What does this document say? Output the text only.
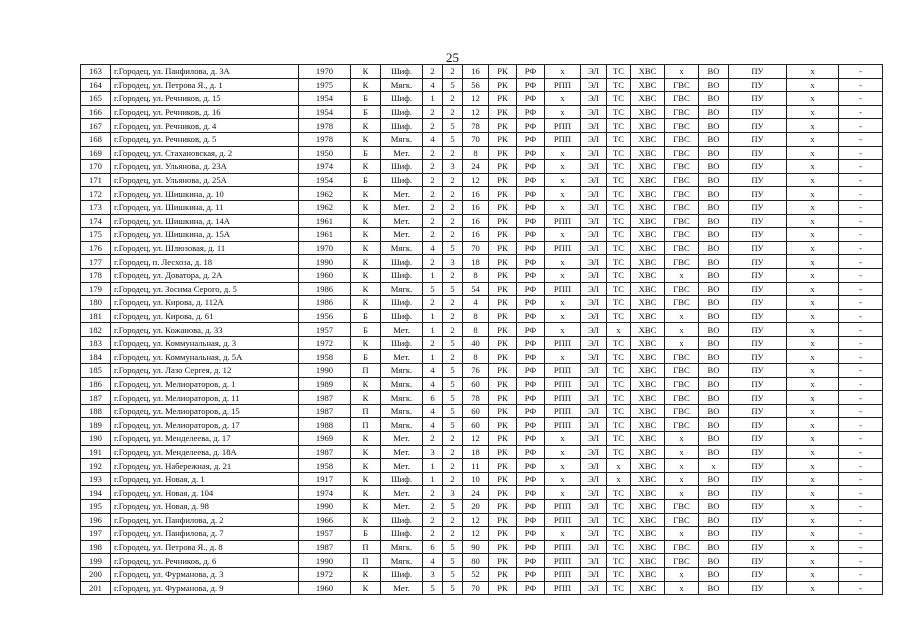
25
163	г.Городец, ул. Панфилова, д. 3А	1970	К	Шиф.	2	2	16	РК	РФ	х	ЭЛ	ТС	ХВС	х	ВО	ПУ	х	-
164	г.Городец, ул. Петрова Я., д. 1	1975	К	Мягк.	4	5	56	РК	РФ	РПП	ЭЛ	ТС	ХВС	ГВС	ВО	ПУ	х	-
165	г.Городец, ул. Речников, д. 15	1954	Б	Шиф.	1	2	12	РК	РФ	х	ЭЛ	ТС	ХВС	ГВС	ВО	ПУ	х	-
166	г.Городец, ул. Речников, д. 16	1954	Б	Шиф.	2	2	12	РК	РФ	х	ЭЛ	ТС	ХВС	ГВС	ВО	ПУ	х	-
167	г.Городец, ул. Речников, д. 4	1978	К	Шиф.	2	5	78	РК	РФ	РПП	ЭЛ	ТС	ХВС	ГВС	ВО	ПУ	х	-
168	г.Городец, ул. Речников, д. 5	1978	К	Мягк.	4	5	70	РК	РФ	РПП	ЭЛ	ТС	ХВС	ГВС	ВО	ПУ	х	-
169	г.Городец, ул. Стахановская, д. 2	1950	Б	Мет.	2	2	8	РК	РФ	х	ЭЛ	ТС	ХВС	ГВС	ВО	ПУ	х	-
170	г.Городец, ул. Ульянова, д. 23А	1974	К	Шиф.	2	3	24	РК	РФ	х	ЭЛ	ТС	ХВС	ГВС	ВО	ПУ	х	-
171	г.Городец, ул. Ульянова, д. 25А	1954	Б	Шиф.	2	2	12	РК	РФ	х	ЭЛ	ТС	ХВС	ГВС	ВО	ПУ	х	-
172	г.Городец, ул. Шишкина, д. 10	1962	К	Мет.	2	2	16	РК	РФ	х	ЭЛ	ТС	ХВС	ГВС	ВО	ПУ	х	-
173	г.Городец, ул. Шишкина, д. 11	1962	К	Мет.	2	2	16	РК	РФ	х	ЭЛ	ТС	ХВС	ГВС	ВО	ПУ	х	-
174	г.Городец, ул. Шишкина, д. 14А	1961	К	Мет.	2	2	16	РК	РФ	РПП	ЭЛ	ТС	ХВС	ГВС	ВО	ПУ	х	-
175	г.Городец, ул. Шишкина, д. 15А	1961	К	Мет.	2	2	16	РК	РФ	х	ЭЛ	ТС	ХВС	ГВС	ВО	ПУ	х	-
176	г.Городец, ул. Шлюзовая, д. 11	1970	К	Мягк.	4	5	70	РК	РФ	РПП	ЭЛ	ТС	ХВС	ГВС	ВО	ПУ	х	-
177	г.Городец, п. Лесхоза, д. 18	1990	К	Шиф.	2	3	18	РК	РФ	х	ЭЛ	ТС	ХВС	ГВС	ВО	ПУ	х	-
178	г.Городец, ул. Доватора, д. 2А	1960	К	Шиф.	1	2	8	РК	РФ	х	ЭЛ	ТС	ХВС	х	ВО	ПУ	х	-
179	г.Городец, ул. Зосима Серого, д. 5	1986	К	Мягк.	5	5	54	РК	РФ	РПП	ЭЛ	ТС	ХВС	ГВС	ВО	ПУ	х	-
180	г.Городец, ул. Кирова, д. 112А	1986	К	Шиф.	2	2	4	РК	РФ	х	ЭЛ	ТС	ХВС	ГВС	ВО	ПУ	х	-
181	г.Городец, ул. Кирова, д. 61	1956	Б	Шиф.	1	2	8	РК	РФ	х	ЭЛ	ТС	ХВС	х	ВО	ПУ	х	-
182	г.Городец, ул. Кожанова, д. 33	1957	Б	Мет.	1	2	8	РК	РФ	х	ЭЛ	х	ХВС	х	ВО	ПУ	х	-
183	г.Городец, ул. Коммунальная, д. 3	1972	К	Шиф.	2	5	40	РК	РФ	РПП	ЭЛ	ТС	ХВС	х	ВО	ПУ	х	-
184	г.Городец, ул. Коммунальная, д. 5А	1958	Б	Мет.	1	2	8	РК	РФ	х	ЭЛ	ТС	ХВС	ГВС	ВО	ПУ	х	-
185	г.Городец, ул. Лазо Сергея, д. 12	1990	П	Мягк.	4	5	76	РК	РФ	РПП	ЭЛ	ТС	ХВС	ГВС	ВО	ПУ	х	-
186	г.Городец, ул. Мелиораторов, д. 1	1989	К	Мягк.	4	5	60	РК	РФ	РПП	ЭЛ	ТС	ХВС	ГВС	ВО	ПУ	х	-
187	г.Городец, ул. Мелиораторов, д. 11	1987	К	Мягк.	6	5	78	РК	РФ	РПП	ЭЛ	ТС	ХВС	ГВС	ВО	ПУ	х	-
188	г.Городец, ул. Мелиораторов, д. 15	1987	П	Мягк.	4	5	60	РК	РФ	РПП	ЭЛ	ТС	ХВС	ГВС	ВО	ПУ	х	-
189	г.Городец, ул. Мелиораторов, д. 17	1988	П	Мягк.	4	5	60	РК	РФ	РПП	ЭЛ	ТС	ХВС	ГВС	ВО	ПУ	х	-
190	г.Городец, ул. Менделеева, д. 17	1969	К	Мет.	2	2	12	РК	РФ	х	ЭЛ	ТС	ХВС	х	ВО	ПУ	х	-
191	г.Городец, ул. Менделеева, д. 18А	1987	К	Мет.	3	2	18	РК	РФ	х	ЭЛ	ТС	ХВС	х	ВО	ПУ	х	-
192	г.Городец, ул. Набережная, д. 21	1958	К	Мет.	1	2	11	РК	РФ	х	ЭЛ	х	ХВС	х	х	ПУ	х	-
193	г.Городец, ул. Новая, д. 1	1917	К	Шиф.	1	2	10	РК	РФ	х	ЭЛ	х	ХВС	х	ВО	ПУ	х	-
194	г.Городец, ул. Новая, д. 104	1974	К	Мет.	2	3	24	РК	РФ	х	ЭЛ	ТС	ХВС	х	ВО	ПУ	х	-
195	г.Городец, ул. Новая, д. 98	1990	К	Мет.	2	5	20	РК	РФ	РПП	ЭЛ	ТС	ХВС	ГВС	ВО	ПУ	х	-
196	г.Городец, ул. Панфилова, д. 2	1966	К	Шиф.	2	2	12	РК	РФ	РПП	ЭЛ	ТС	ХВС	ГВС	ВО	ПУ	х	-
197	г.Городец, ул. Панфилова, д. 7	1957	Б	Шиф.	2	2	12	РК	РФ	х	ЭЛ	ТС	ХВС	х	ВО	ПУ	х	-
198	г.Городец, ул. Петрова Я., д. 8	1987	П	Мягк.	6	5	90	РК	РФ	РПП	ЭЛ	ТС	ХВС	ГВС	ВО	ПУ	х	-
199	г.Городец, ул. Речников, д. 6	1990	П	Мягк.	4	5	80	РК	РФ	РПП	ЭЛ	ТС	ХВС	ГВС	ВО	ПУ	х	-
200	г.Городец, ул. Фурманова, д. 3	1972	К	Шиф.	3	5	52	РК	РФ	РПП	ЭЛ	ТС	ХВС	х	ВО	ПУ	х	-
201	г.Городец, ул. Фурманова, д. 9	1960	К	Мет.	5	5	70	РК	РФ	РПП	ЭЛ	ТС	ХВС	х	ВО	ПУ	х	-
